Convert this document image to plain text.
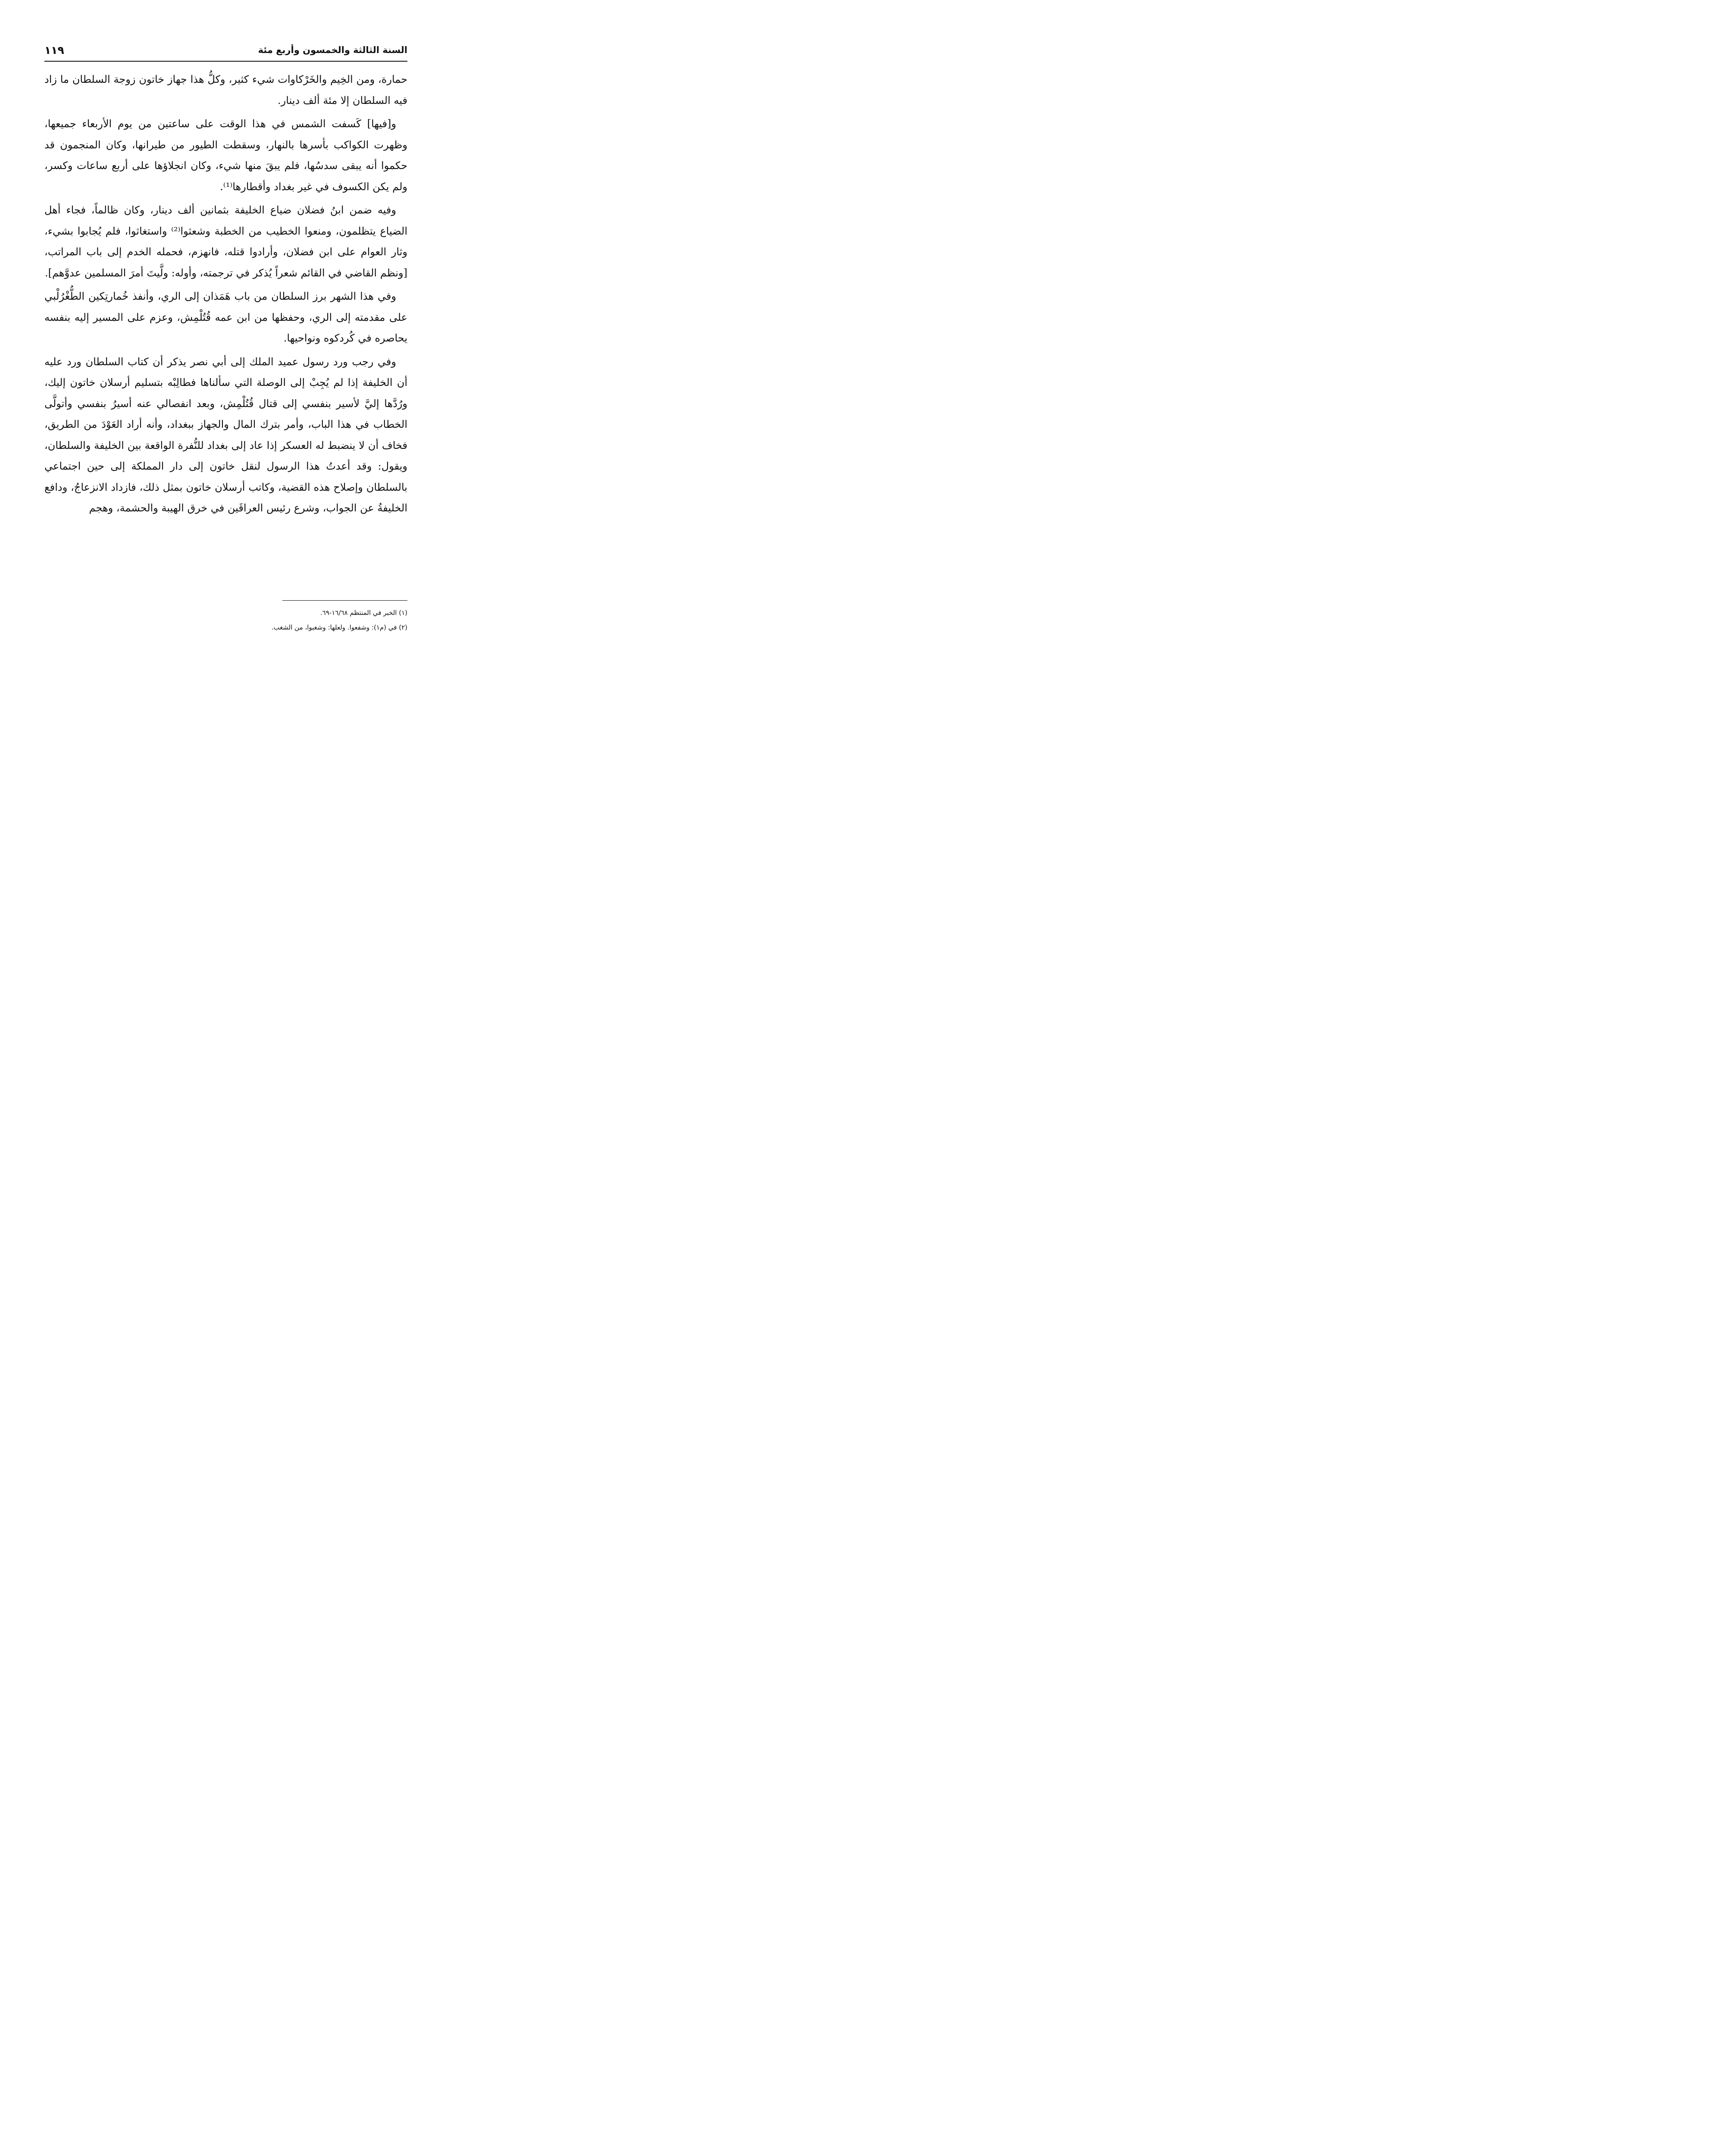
السنة الثالثة والخمسون وأربع مئة
١١٩

حمارة، ومن الخِيم والخَرْكاوات شيء كثير، وكلُّ هذا جهاز خاتون زوجة السلطان ما زاد فيه السلطان إلا مئة ألف دينار.

و[فيها] كَسفت الشمس في هذا الوقت على ساعتين من يوم الأربعاء جميعها، وظهرت الكواكب بأسرها بالنهار، وسقطت الطيور من طيرانها، وكان المنجمون قد حكموا أنه يبقى سدسُها، فلم يبقَ منها شيء، وكان انجلاؤها على أربع ساعات وكسر، ولم يكن الكسوف في غير بغداد وأقطارها⁽¹⁾.

وفيه ضمن ابنُ فضلان ضياع الخليفة بثمانين ألف دينار، وكان ظالماً، فجاء أهل الضياع يتظلمون، ومنعوا الخطيب من الخطبة وشعثوا⁽²⁾ واستغاثوا، فلم يُجابوا بشيء، وثار العوام على ابن فضلان، وأرادوا قتله، فانهزم، فحمله الخدم إلى باب المراتب، [ونظم القاضي في القائم شعراً يُذكر في ترجمته، وأوله: ولَّيتَ أمرَ المسلمين عدوَّهم].

وفي هذا الشهر برز السلطان من باب هَمَذان إلى الري، وأنفذ خُمارتِكين الطُّغْرُلْبي على مقدمته إلى الري، وحفظها من ابن عمه قُتُلْمِش، وعزم على المسير إليه بنفسه يحاصره في كُردكوه ونواحيها.

وفي رجب ورد رسول عميد الملك إلى أبي نصر يذكر أن كتاب السلطان ورد عليه أن الخليفة إذا لم يُجِبْ إلى الوصلة التي سألناها فطالِبْه بتسليم أرسلان خاتون إليك، ورُدَّها إليَّ لأسير بنفسي إلى قتال قُتُلْمِش، وبعد انفصالي عنه أسيرُ بنفسي وأتولَّى الخطاب في هذا الباب، وأمر بترك المال والجهاز ببغداد، وأنه أراد العَوْدَ من الطريق، فخاف أن لا ينضبط له العسكر إذا عاد إلى بغداد للنُّفرة الواقعة بين الخليفة والسلطان، ويقول: وقد أعدتُ هذا الرسول لنقل خاتون إلى دار المملكة إلى حين اجتماعي بالسلطان وإصلاح هذه القضية، وكاتب أرسلان خاتون بمثل ذلك، فازداد الانزعاجُ، ودافع الخليفةُ عن الجواب، وشرع رئيس العراقَين في خرق الهيبة والحشمة، وهجم

(١) الخبر في المنتظم ١٦/٦٨-٦٩.

(٢) في (م١): وشفعوا. ولعلها: وشغبوا، من الشغب.
